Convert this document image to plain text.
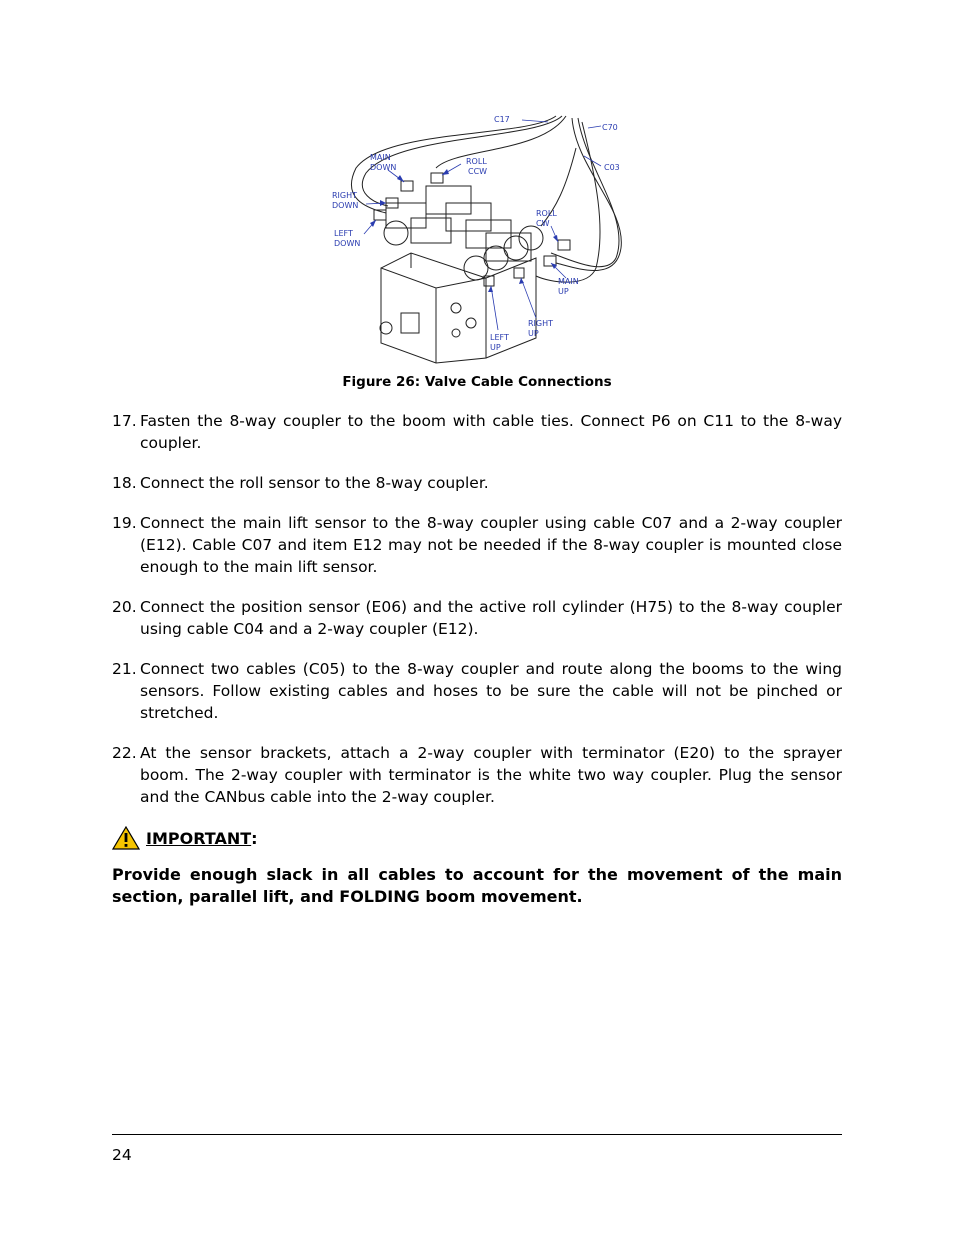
C17
C70
C03
MAIN
DOWN
ROLL
CCW
RIGHT
DOWN
LEFT
DOWN
ROLL
CW
MAIN
UP
LEFT
UP
RIGHT
UP
Figure 26: Valve Cable Connections
17. Fasten the 8-way coupler to the boom with cable ties. Connect P6 on C11 to the 8-way coupler.
18. Connect the roll sensor to the 8-way coupler.
19. Connect the main lift sensor to the 8-way coupler using cable C07 and a 2-way coupler (E12). Cable C07 and item E12 may not be needed if the 8-way coupler is mounted close enough to the main lift sensor.
20. Connect the position sensor (E06) and the active roll cylinder (H75) to the 8-way coupler using cable C04 and a 2-way coupler (E12).
21. Connect two cables (C05) to the 8-way coupler and route along the booms to the wing sensors. Follow existing cables and hoses to be sure the cable will not be pinched or stretched.
22. At the sensor brackets, attach a 2-way coupler with terminator (E20) to the sprayer boom. The 2-way coupler with terminator is the white two way coupler. Plug the sensor and the CANbus cable into the 2-way coupler.
IMPORTANT :
Provide enough slack in all cables to account for the movement of the main section, parallel lift, and FOLDING boom movement.
24
